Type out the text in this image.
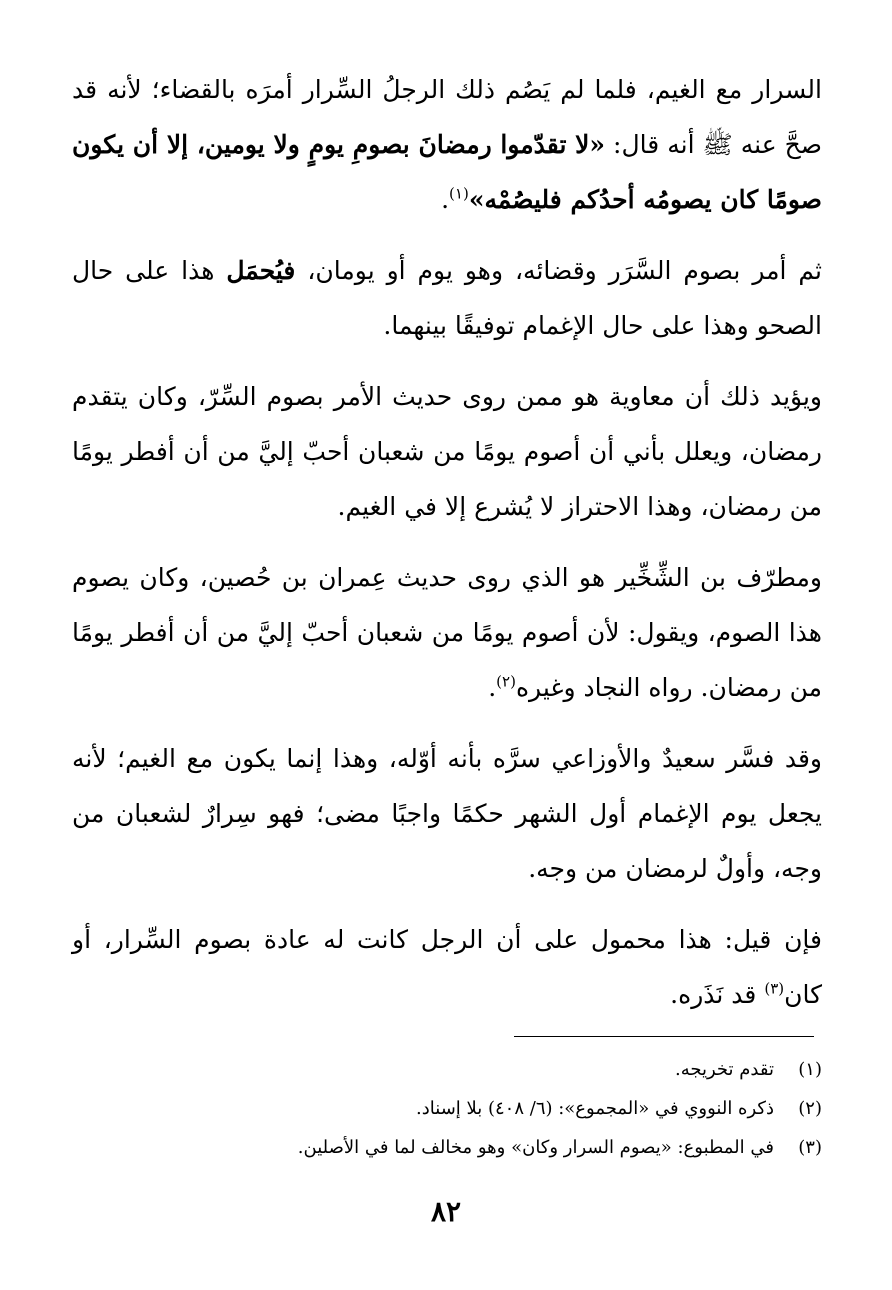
السرار مع الغيم، فلما لم يَصُم ذلك الرجلُ السِّرار أمرَه بالقضاء؛ لأنه قد صحَّ عنه ﷺ أنه قال: «لا تقدّموا رمضانَ بصومِ يومٍ ولا يومين، إلا أن يكون صومًا كان يصومُه أحدُكم فليصُمْه»$^{(١)}$.

ثم أمر بصوم السَّرَر وقضائه، وهو يوم أو يومان، فيُحمَل هذا على حال الصحو وهذا على حال الإغمام توفيقًا بينهما.

ويؤيد ذلك أن معاوية هو ممن روى حديث الأمر بصوم السِّرّ، وكان يتقدم رمضان، ويعلل بأني أن أصوم يومًا من شعبان أحبّ إليَّ من أن أفطر يومًا من رمضان، وهذا الاحتراز لا يُشرع إلا في الغيم.

ومطرّف بن الشِّخِّير هو الذي روى حديث عِمران بن حُصين، وكان يصوم هذا الصوم، ويقول: لأن أصوم يومًا من شعبان أحبّ إليَّ من أن أفطر يومًا من رمضان. رواه النجاد وغيره$^{(٢)}$.

وقد فسَّر سعيدٌ والأوزاعي سرَّه بأنه أوّله، وهذا إنما يكون مع الغيم؛ لأنه يجعل يوم الإغمام أول الشهر حكمًا واجبًا مضى؛ فهو سِرارٌ لشعبان من وجه، وأولٌ لرمضان من وجه.

فإن قيل: هذا محمول على أن الرجل كانت له عادة بصوم السِّرار، أو كان$^{(٣)}$ قد نَذَره.

(١)
تقدم تخريجه.
(٢)
ذكره النووي في «المجموع»: (٦/ ٤٠٨) بلا إسناد.
(٣)
في المطبوع: «يصوم السرار وكان» وهو مخالف لما في الأصلين.
٨٢
